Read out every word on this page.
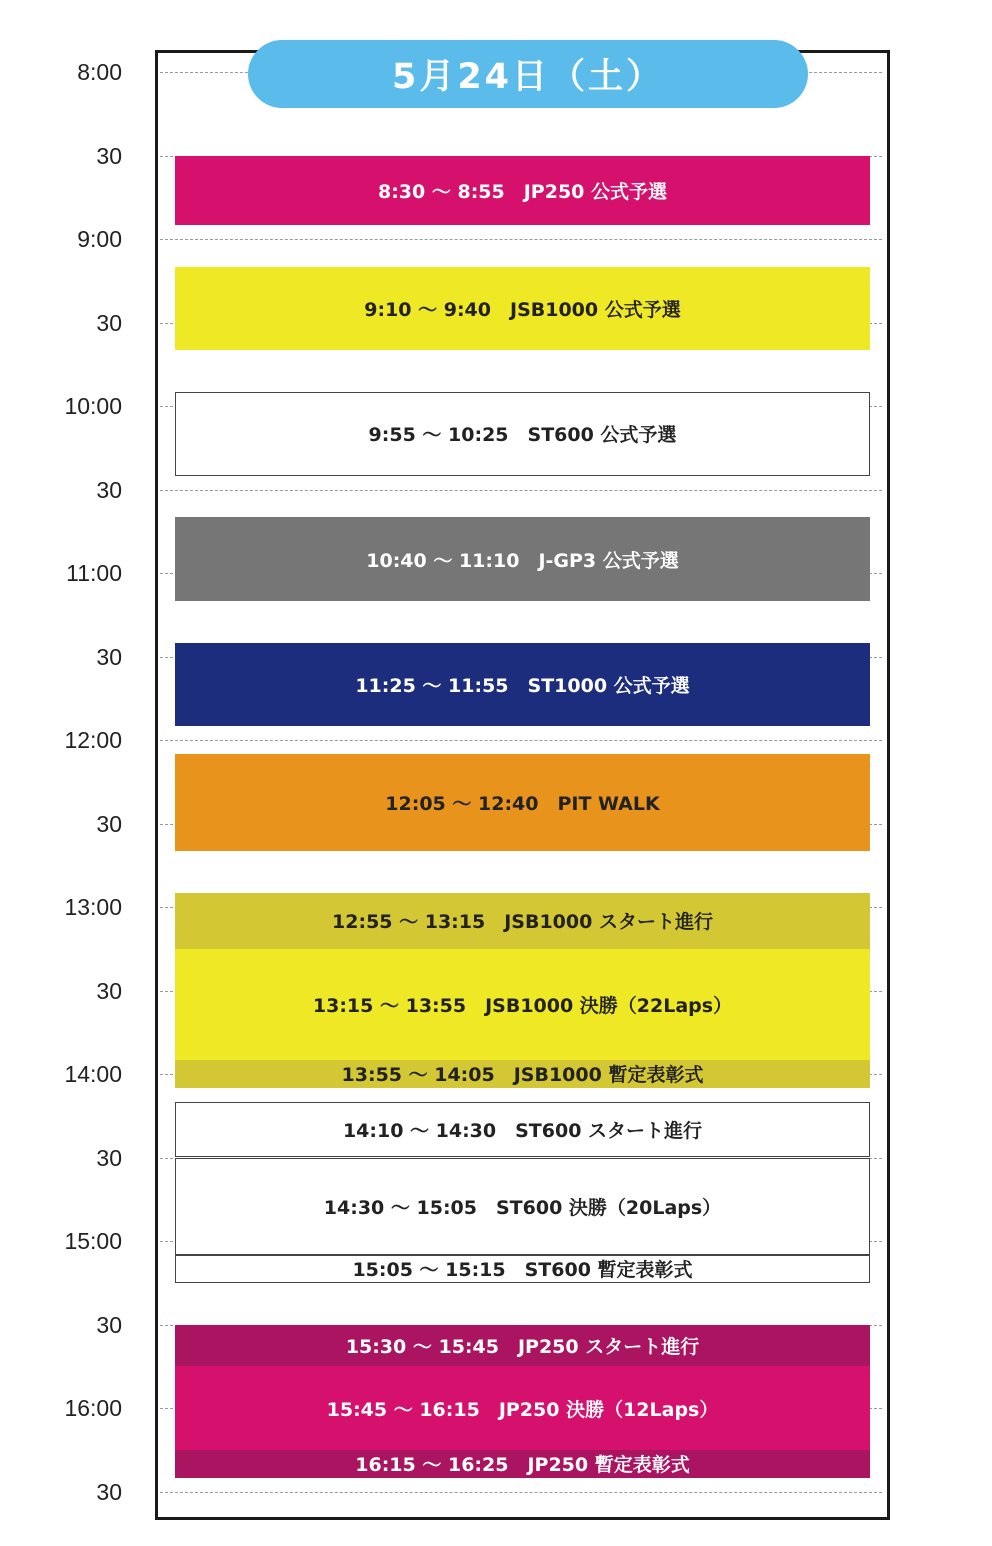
8:00
30
9:00
30
10:00
30
11:00
30
12:00
30
13:00
30
14:00
30
15:00
30
16:00
30
8:30 ～ 8:55　JP250 公式予選
9:10 ～ 9:40　JSB1000 公式予選
9:55 ～ 10:25　ST600 公式予選
10:40 ～ 11:10　J-GP3 公式予選
11:25 ～ 11:55　ST1000 公式予選
12:05 ～ 12:40　PIT WALK
12:55 ～ 13:15　JSB1000 スタート進行
13:15 ～ 13:55　JSB1000 決勝（22Laps）
13:55 ～ 14:05　JSB1000 暫定表彰式
14:10 ～ 14:30　ST600 スタート進行
14:30 ～ 15:05　ST600 決勝（20Laps）
15:05 ～ 15:15　ST600 暫定表彰式
15:30 ～ 15:45　JP250 スタート進行
15:45 ～ 16:15　JP250 決勝（12Laps）
16:15 ～ 16:25　JP250 暫定表彰式
5月24日（土）
